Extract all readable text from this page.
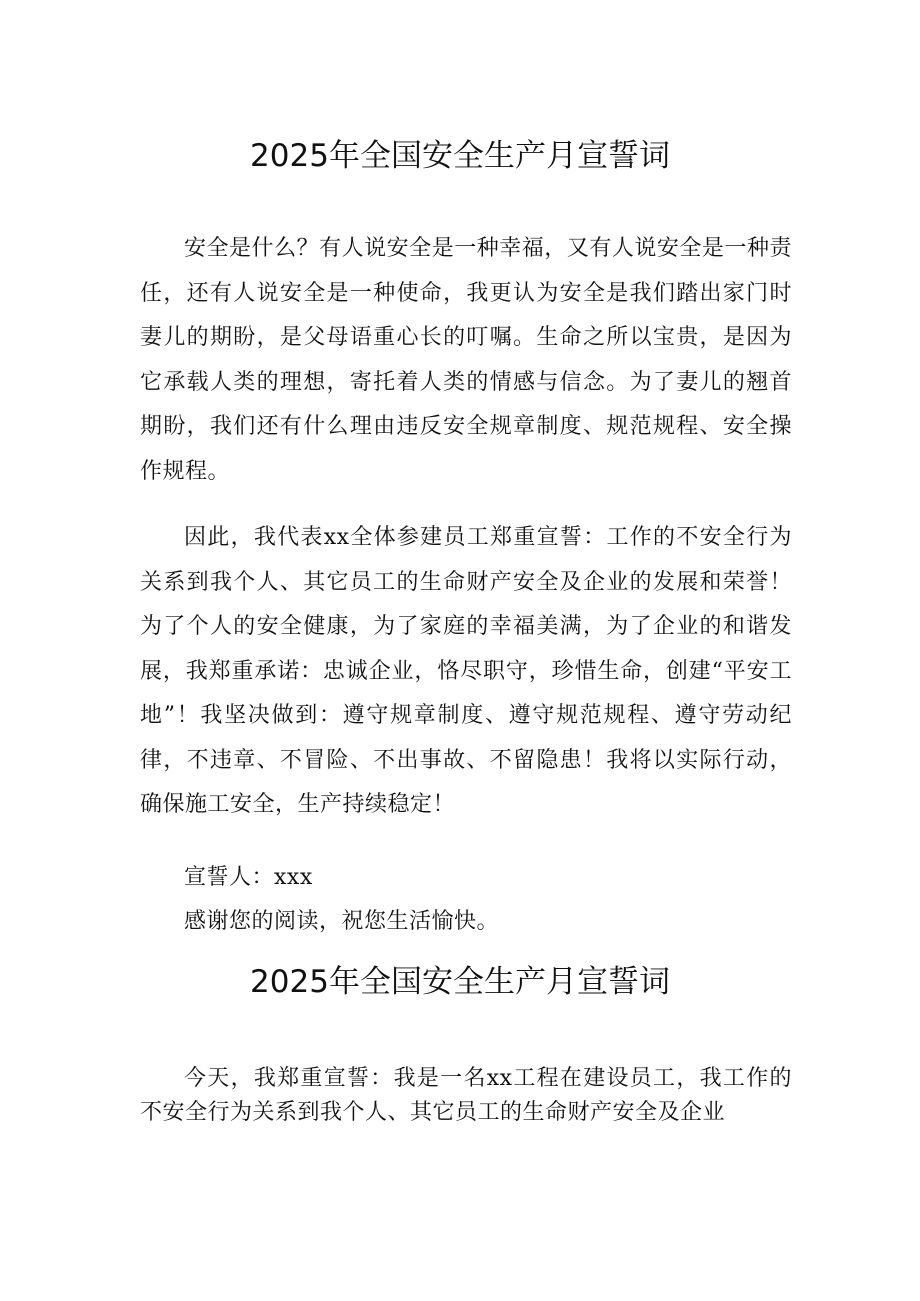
2025年全国安全生产月宣誓词

安全是什么？有人说安全是一种幸福，又有人说安全是一种责任，还有人说安全是一种使命，我更认为安全是我们踏出家门时妻儿的期盼，是父母语重心长的叮嘱。生命之所以宝贵，是因为它承载人类的理想，寄托着人类的情感与信念。为了妻儿的翘首期盼，我们还有什么理由违反安全规章制度、规范规程、安全操作规程。

因此，我代表xx全体参建员工郑重宣誓：工作的不安全行为关系到我个人、其它员工的生命财产安全及企业的发展和荣誉！为了个人的安全健康，为了家庭的幸福美满，为了企业的和谐发展，我郑重承诺：忠诚企业，恪尽职守，珍惜生命，创建“平安工地”！我坚决做到：遵守规章制度、遵守规范规程、遵守劳动纪律，不违章、不冒险、不出事故、不留隐患！我将以实际行动，确保施工安全，生产持续稳定！

宣誓人：xxx

感谢您的阅读，祝您生活愉快。

2025年全国安全生产月宣誓词

今天，我郑重宣誓：我是一名xx工程在建设员工，我工作的不安全行为关系到我个人、其它员工的生命财产安全及企业
